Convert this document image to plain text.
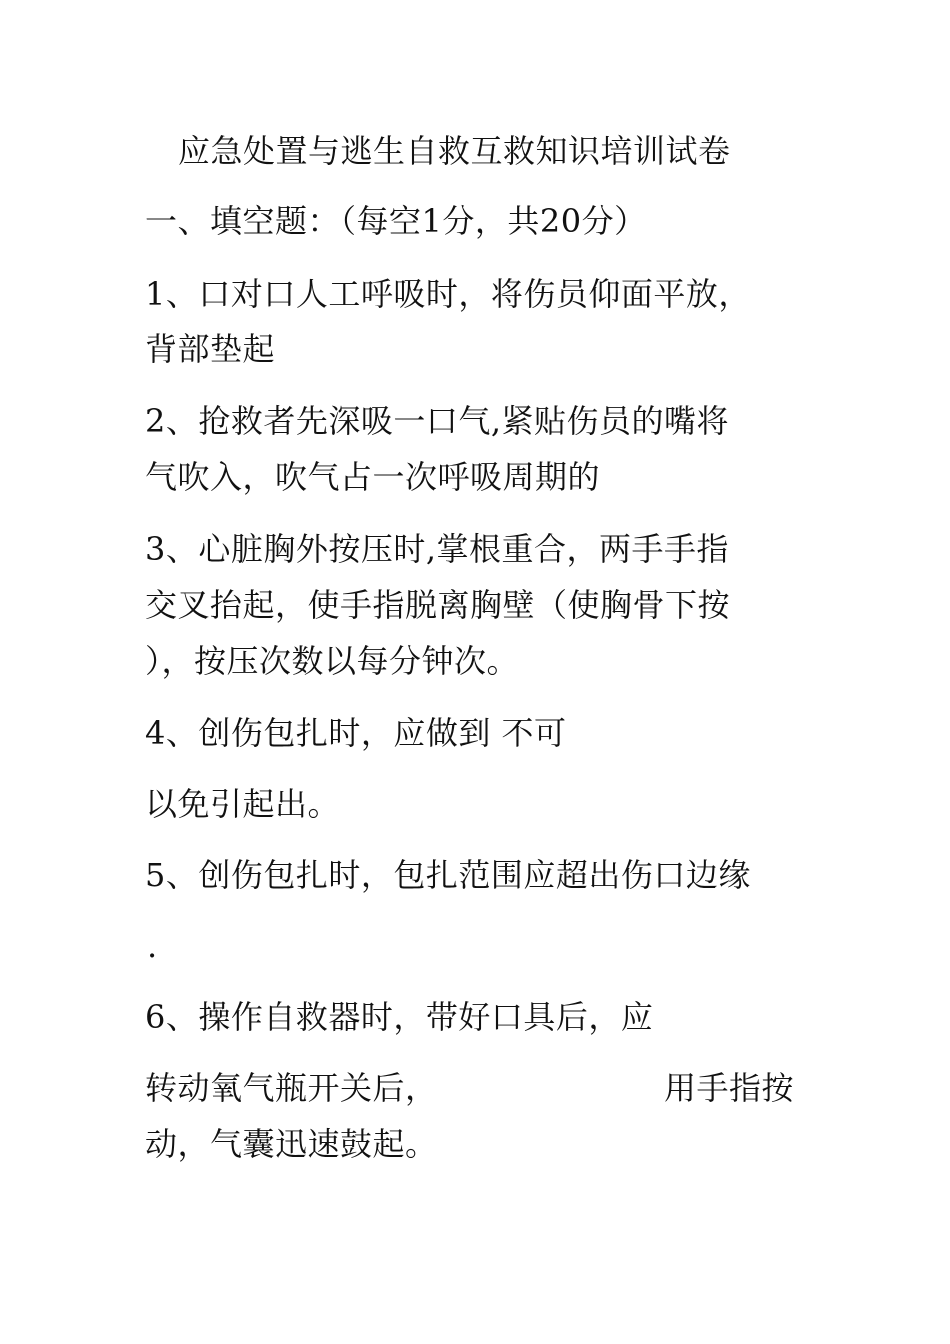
应急处置与逃生自救互救知识培训试卷
一、填空题：（每空1分，共20分）
1、口对口人工呼吸时，将伤员仰面平放，
背部垫起
2、抢救者先深吸一口气,紧贴伤员的嘴将
气吹入，吹气占一次呼吸周期的
3、心脏胸外按压时,掌根重合，两手手指
交叉抬起，使手指脱离胸壁（使胸骨下按
），按压次数以每分钟次。
4、创伤包扎时，应做到 不可
以免引起出。
5、创伤包扎时，包扎范围应超出伤口边缘
.
6、操作自救器时，带好口具后，应
转动氧气瓶开关后，	用手指按
动，气囊迅速鼓起。
